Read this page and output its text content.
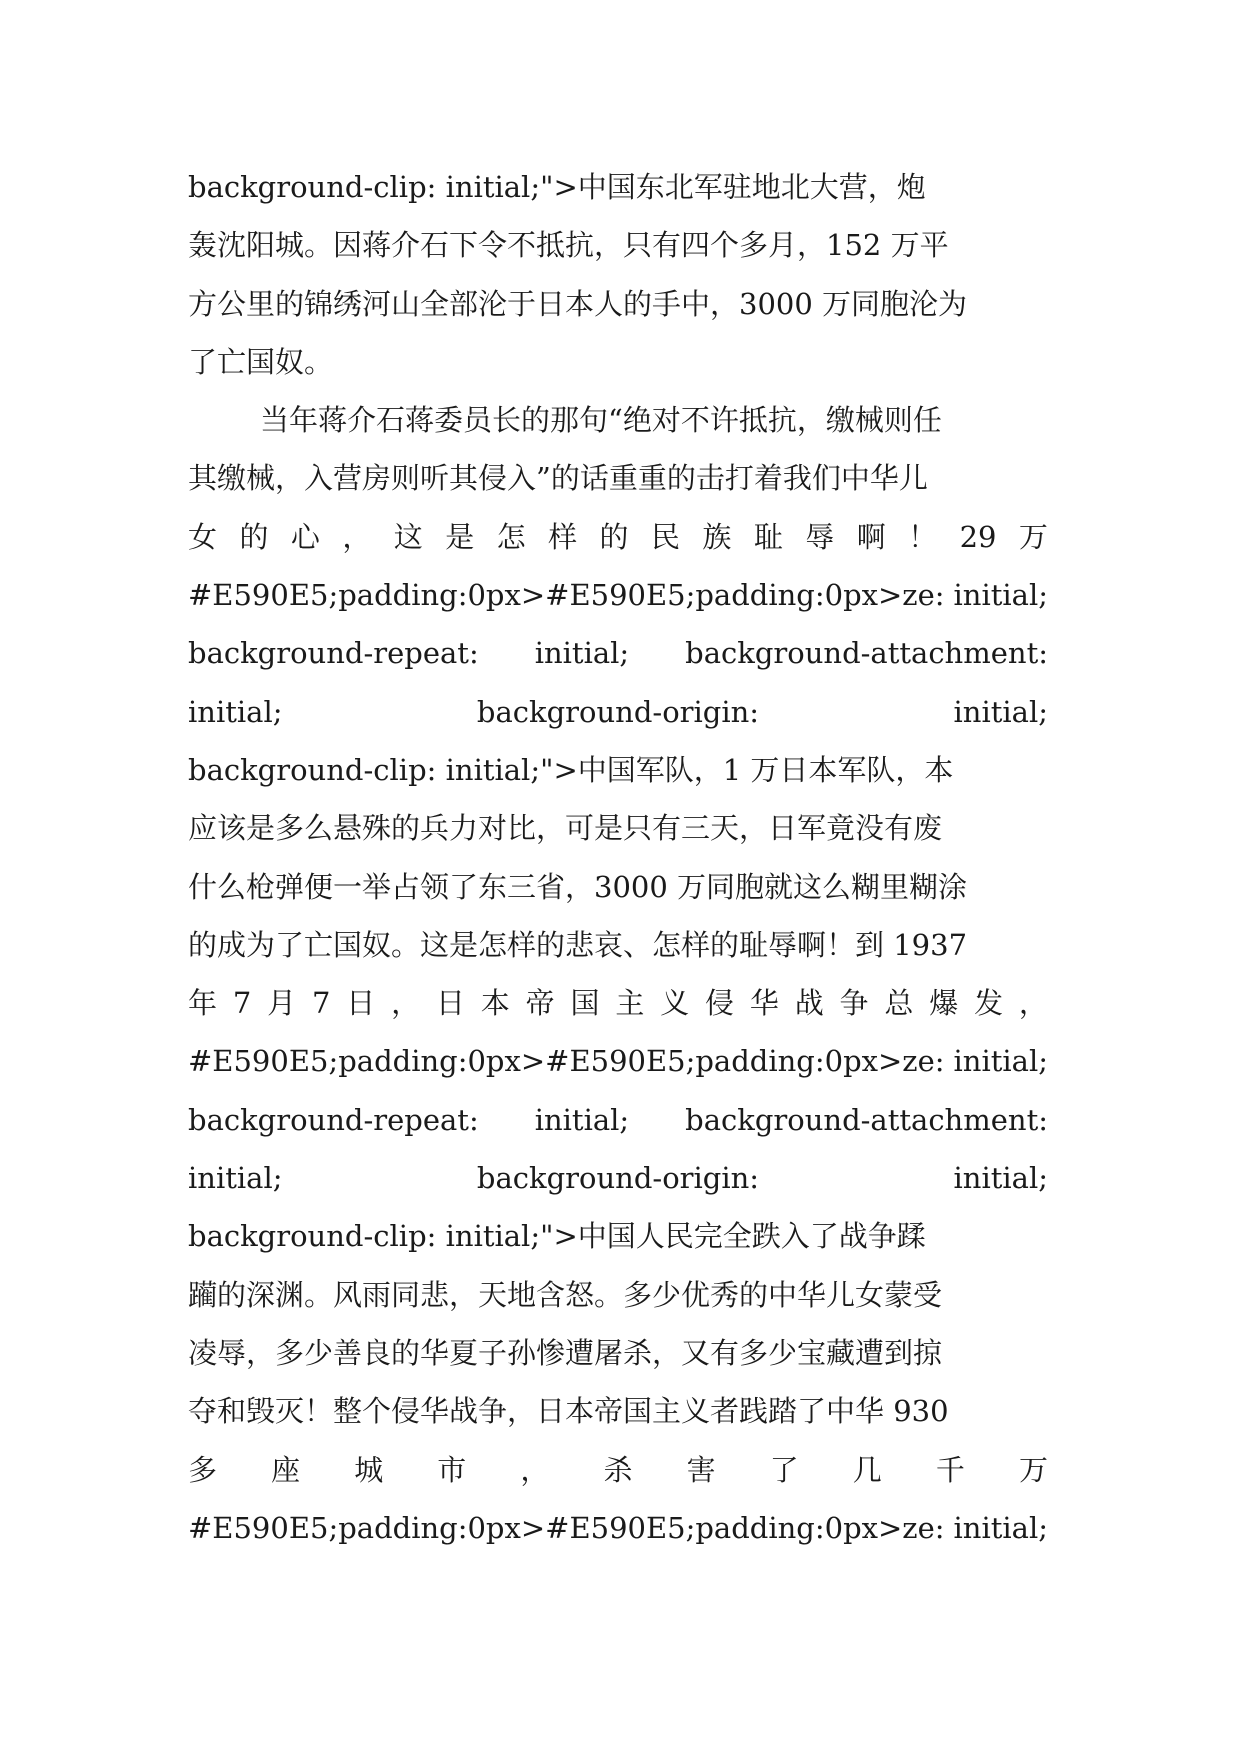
background-clip: initial;">中国东北军驻地北大营，炮
轰沈阳城。因蒋介石下令不抵抗，只有四个多月，152 万平
方公里的锦绣河山全部沦于日本人的手中，3000 万同胞沦为
了亡国奴。
当年蒋介石蒋委员长的那句“绝对不许抵抗，缴械则任
其缴械，入营房则听其侵入”的话重重的击打着我们中华儿
女 的 心 ， 这 是 怎 样 的 民 族 耻 辱 啊 ！ 29 万
#E590E5;padding:0px>#E590E5;padding:0px>ze: initial;
background-repeat: initial; background-attachment:
initial;	background-origin:	initial;
background-clip: initial;">中国军队，1 万日本军队，本
应该是多么悬殊的兵力对比，可是只有三天，日军竟没有废
什么枪弹便一举占领了东三省，3000 万同胞就这么糊里糊涂
的成为了亡国奴。这是怎样的悲哀、怎样的耻辱啊！到 1937
年 7 月 7 日 ， 日 本 帝 国 主 义 侵 华 战 争 总 爆 发 ，
#E590E5;padding:0px>#E590E5;padding:0px>ze: initial;
background-repeat: initial; background-attachment:
initial;	background-origin:	initial;
background-clip: initial;">中国人民完全跌入了战争蹂
躏的深渊。风雨同悲，天地含怒。多少优秀的中华儿女蒙受
凌辱，多少善良的华夏子孙惨遭屠杀，又有多少宝藏遭到掠
夺和毁灭！整个侵华战争，日本帝国主义者践踏了中华 930
多 座 城 市 ， 杀 害 了 几 千 万
#E590E5;padding:0px>#E590E5;padding:0px>ze: initial;
